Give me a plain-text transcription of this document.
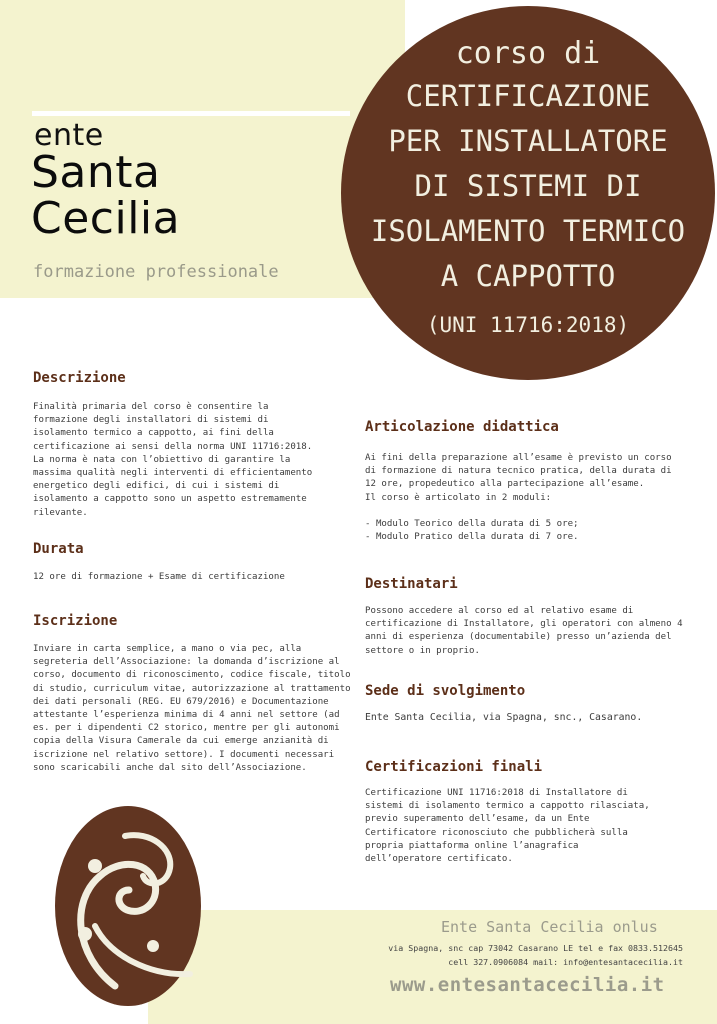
ente
Santa
Cecilia
formazione professionale
corso di
CERTIFICAZIONE
PER INSTALLATORE
DI SISTEMI DI
ISOLAMENTO TERMICO
A CAPPOTTO
(UNI 11716:2018)
Descrizione
Finalità primaria del corso è consentire la
formazione degli installatori di sistemi di
isolamento termico a cappotto, ai fini della
certificazione ai sensi della norma UNI 11716:2018.
La norma è nata con l’obiettivo di garantire la
massima qualità negli interventi di efficientamento
energetico degli edifici, di cui i sistemi di
isolamento a cappotto sono un aspetto estremamente
rilevante.
Durata
12 ore di formazione + Esame di certificazione
Iscrizione
Inviare in carta semplice, a mano o via pec, alla
segreteria dell’Associazione: la domanda d’iscrizione al
corso, documento di riconoscimento, codice fiscale, titolo
di studio, curriculum vitae, autorizzazione al trattamento
dei dati personali (REG. EU 679/2016) e Documentazione
attestante l’esperienza minima di 4 anni nel settore (ad
es. per i dipendenti C2 storico, mentre per gli autonomi
copia della Visura Camerale da cui emerge anzianità di
iscrizione nel relativo settore). I documenti necessari
sono scaricabili anche dal sito dell’Associazione.
Articolazione didattica
Ai fini della preparazione all’esame è previsto un corso
di formazione di natura tecnico pratica, della durata di
12 ore, propedeutico alla partecipazione all’esame.
Il corso è articolato in 2 moduli:

- Modulo Teorico della durata di 5 ore;
- Modulo Pratico della durata di 7 ore.
Destinatari
Possono accedere al corso ed al relativo esame di
certificazione di Installatore, gli operatori con almeno 4
anni di esperienza (documentabile) presso un’azienda del
settore o in proprio.
Sede di svolgimento
Ente Santa Cecilia, via Spagna, snc., Casarano.
Certificazioni finali
Certificazione UNI 11716:2018 di Installatore di
sistemi di isolamento termico a cappotto rilasciata,
previo superamento dell’esame, da un Ente
Certificatore riconosciuto che pubblicherà sulla
propria piattaforma online l’anagrafica
dell’operatore certificato.
Ente Santa Cecilia onlus
via Spagna, snc cap 73042 Casarano LE tel e fax 0833.512645
cell 327.0906084 mail: info@entesantacecilia.it
www.entesantacecilia.it
